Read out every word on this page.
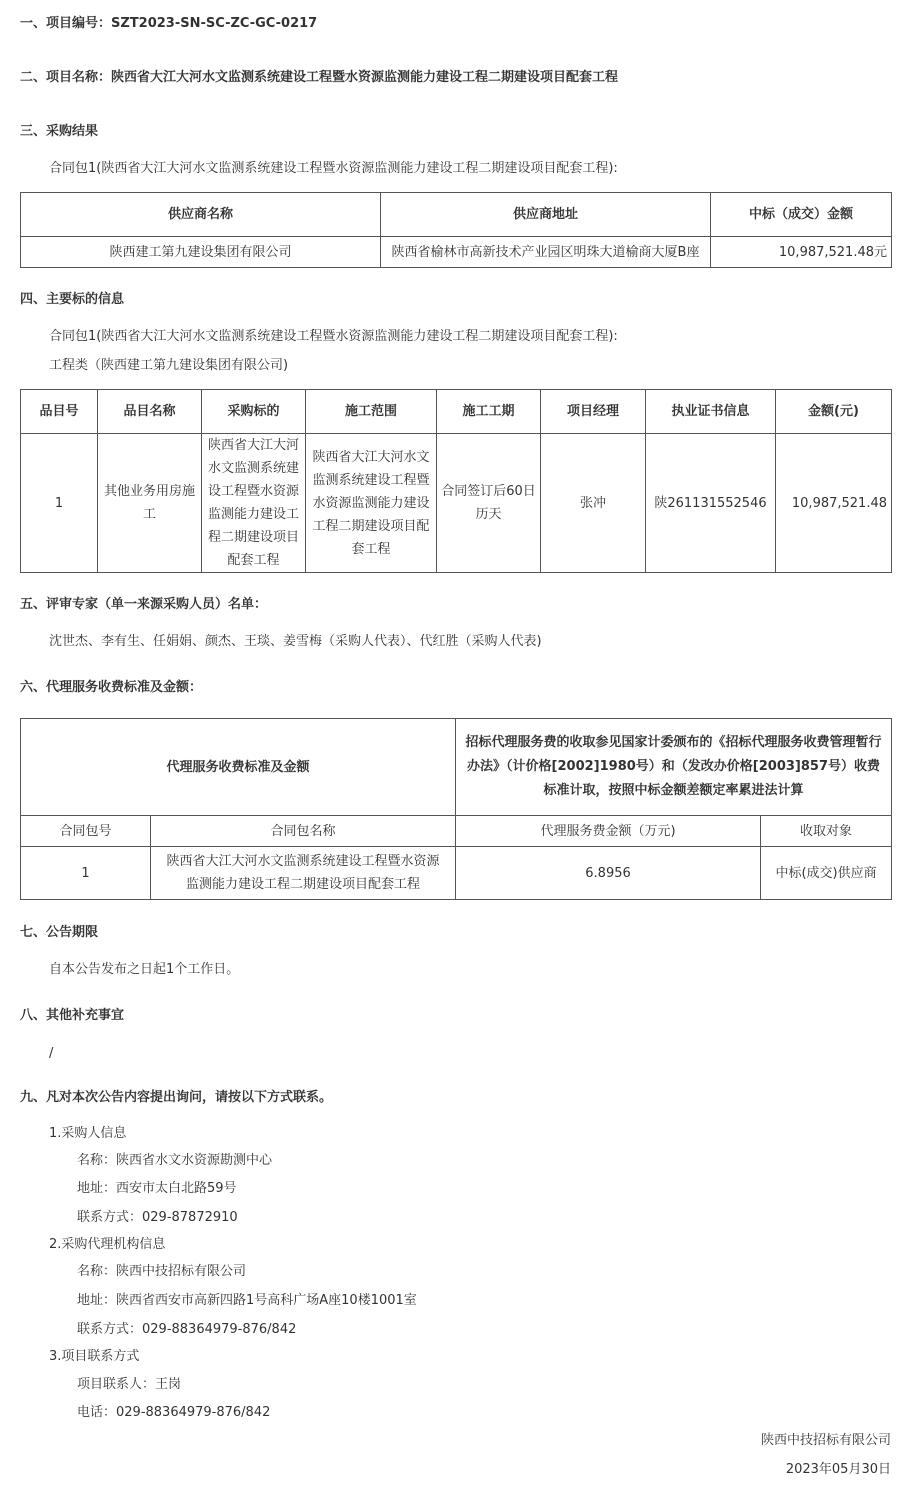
一、项目编号：SZT2023-SN-SC-ZC-GC-0217
二、项目名称：陕西省大江大河水文监测系统建设工程暨水资源监测能力建设工程二期建设项目配套工程
三、采购结果
合同包1(陕西省大江大河水文监测系统建设工程暨水资源监测能力建设工程二期建设项目配套工程):
供应商名称	供应商地址	中标（成交）金额
陕西建工第九建设集团有限公司	陕西省榆林市高新技术产业园区明珠大道榆商大厦B座	10,987,521.48元
四、主要标的信息
合同包1(陕西省大江大河水文监测系统建设工程暨水资源监测能力建设工程二期建设项目配套工程):
工程类（陕西建工第九建设集团有限公司)
品目号	品目名称	采购标的	施工范围	施工工期	项目经理	执业证书信息	金额(元)
1	其他业务用房施工	陕西省大江大河水文监测系统建设工程暨水资源监测能力建设工程二期建设项目配套工程	陕西省大江大河水文监测系统建设工程暨水资源监测能力建设工程二期建设项目配套工程	合同签订后60日历天	张冲	陕261131552546	10,987,521.48
五、评审专家（单一来源采购人员）名单：
沈世杰、李有生、任娟娟、颜杰、王琰、姜雪梅（采购人代表）、代红胜（采购人代表)
六、代理服务收费标准及金额：
代理服务收费标准及金额		招标代理服务费的收取参见国家计委颁布的《招标代理服务收费管理暂行办法》（计价格[2002]1980号）和（发改办价格[2003]857号）收费标准计取，按照中标金额差额定率累进法计算	
合同包号	合同包名称	代理服务费金额（万元)	收取对象
1	陕西省大江大河水文监测系统建设工程暨水资源监测能力建设工程二期建设项目配套工程	6.8956	中标(成交)供应商
七、公告期限
自本公告发布之日起1个工作日。
八、其他补充事宜
/
九、凡对本次公告内容提出询问，请按以下方式联系。
1.采购人信息
名称：陕西省水文水资源勘测中心
地址：西安市太白北路59号
联系方式：029-87872910
2.采购代理机构信息
名称：陕西中技招标有限公司
地址：陕西省西安市高新四路1号高科广场A座10楼1001室
联系方式：029-88364979-876/842
3.项目联系方式
项目联系人：王岗
电话：029-88364979-876/842
陕西中技招标有限公司
2023年05月30日
